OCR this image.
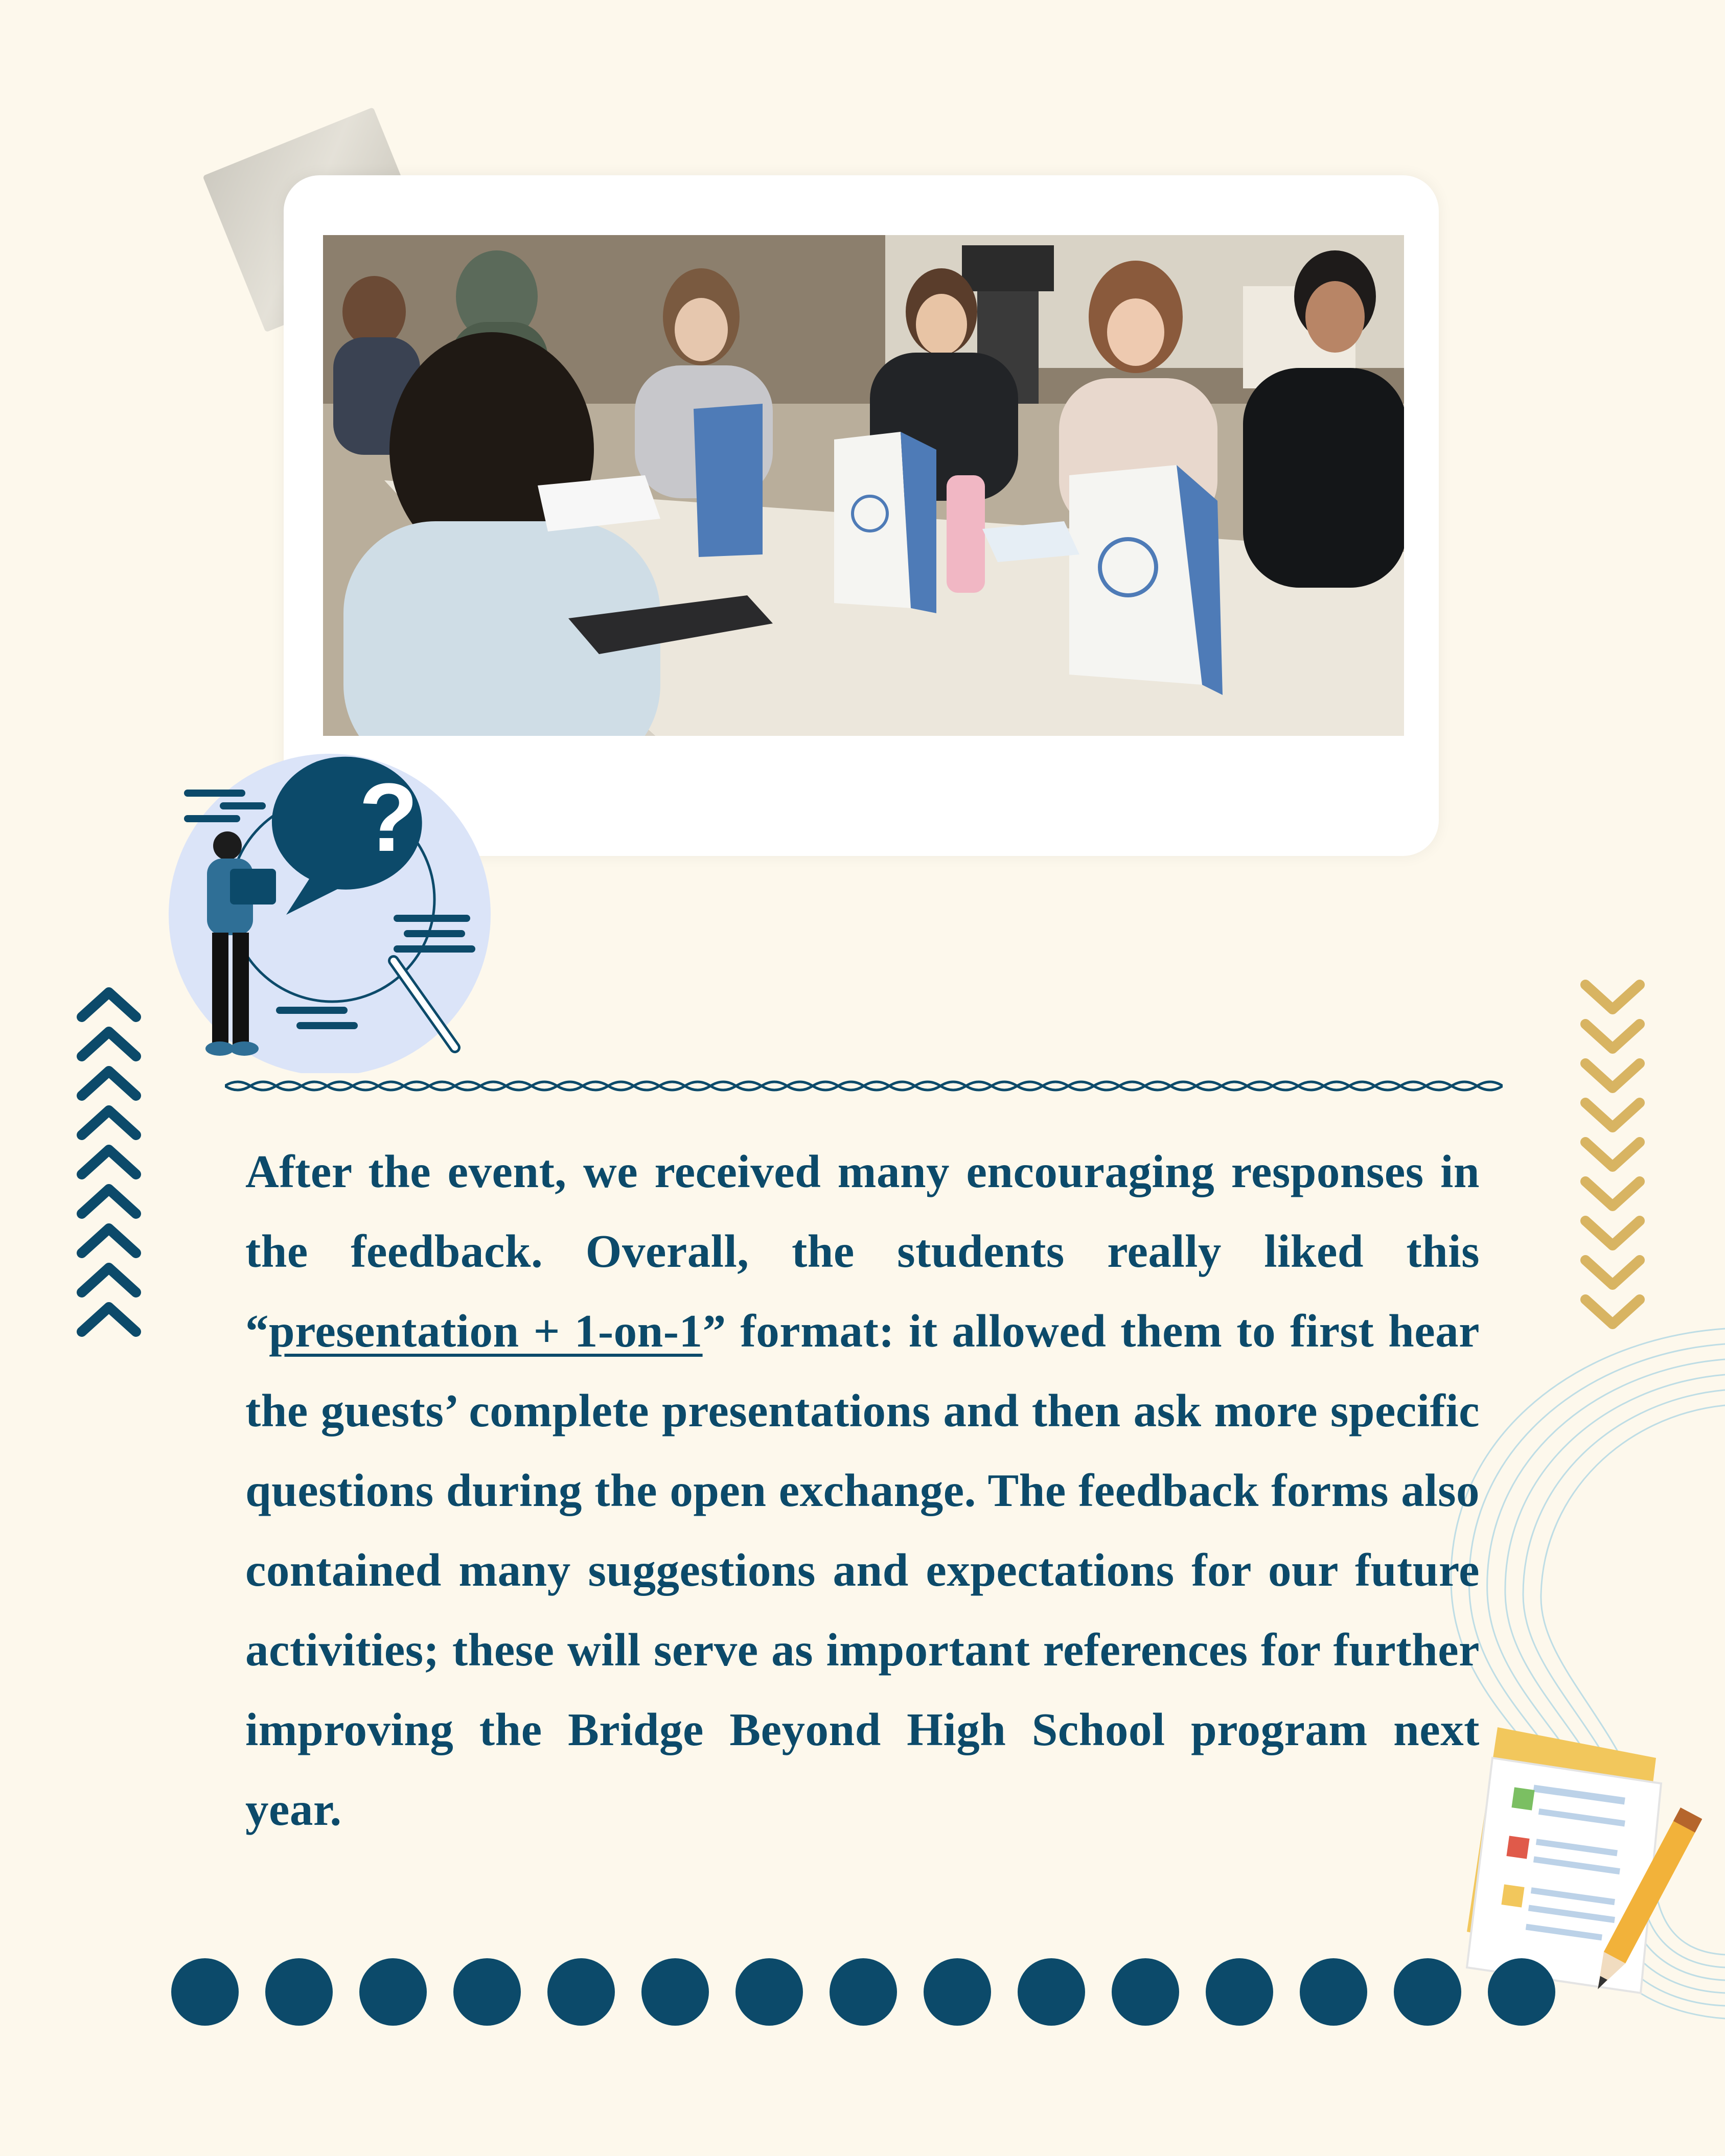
?
After the event, we received many encouraging responses in the feedback. Overall, the students really liked this “presentation + 1-on-1” format: it allowed them to first hear the guests’ complete presentations and then ask more specific questions during the open exchange. The feedback forms also contained many suggestions and expectations for our future activities; these will serve as important references for further improving the Bridge Beyond High School program next year.
